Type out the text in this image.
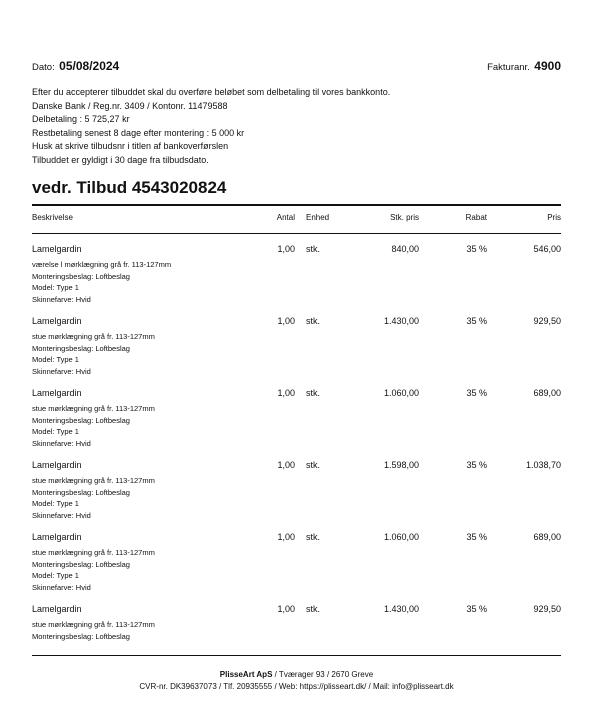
Dato: 05/08/2024	Fakturanr. 4900
Efter du accepterer tilbuddet skal du overføre beløbet som delbetaling til vores bankkonto.
Danske Bank / Reg.nr. 3409 / Kontonr. 11479588
Delbetaling : 5 725,27 kr
Restbetaling senest 8 dage efter montering : 5 000 kr
Husk at skrive tilbudsnr i titlen af bankoverførslen
Tilbuddet er gyldigt i 30 dage fra tilbudsdato.
vedr. Tilbud 4543020824
Beskrivelse	Antal Enhed	Stk. pris	Rabat	Pris
Lamelgardin	1,00 stk.	840,00	35 %	546,00
værelse l mørklægning grå fr. 113-127mm
Monteringsbeslag: Loftbeslag
Model: Type 1
Skinnefarve: Hvid
Lamelgardin	1,00 stk.	1.430,00	35 %	929,50
stue mørklægning grå fr. 113-127mm
Monteringsbeslag: Loftbeslag
Model: Type 1
Skinnefarve: Hvid
Lamelgardin	1,00 stk.	1.060,00	35 %	689,00
stue mørklægning grå fr. 113-127mm
Monteringsbeslag: Loftbeslag
Model: Type 1
Skinnefarve: Hvid
Lamelgardin	1,00 stk.	1.598,00	35 %	1.038,70
stue mørklægning grå fr. 113-127mm
Monteringsbeslag: Loftbeslag
Model: Type 1
Skinnefarve: Hvid
Lamelgardin	1,00 stk.	1.060,00	35 %	689,00
stue mørklægning grå fr. 113-127mm
Monteringsbeslag: Loftbeslag
Model: Type 1
Skinnefarve: Hvid
Lamelgardin	1,00 stk.	1.430,00	35 %	929,50
stue mørklægning grå fr. 113-127mm
Monteringsbeslag: Loftbeslag
PlisseArt ApS / Tværager 93 / 2670 Greve
CVR-nr. DK39637073 / Tlf. 20935555 / Web: https://plisseart.dk/ / Mail: info@plisseart.dk
